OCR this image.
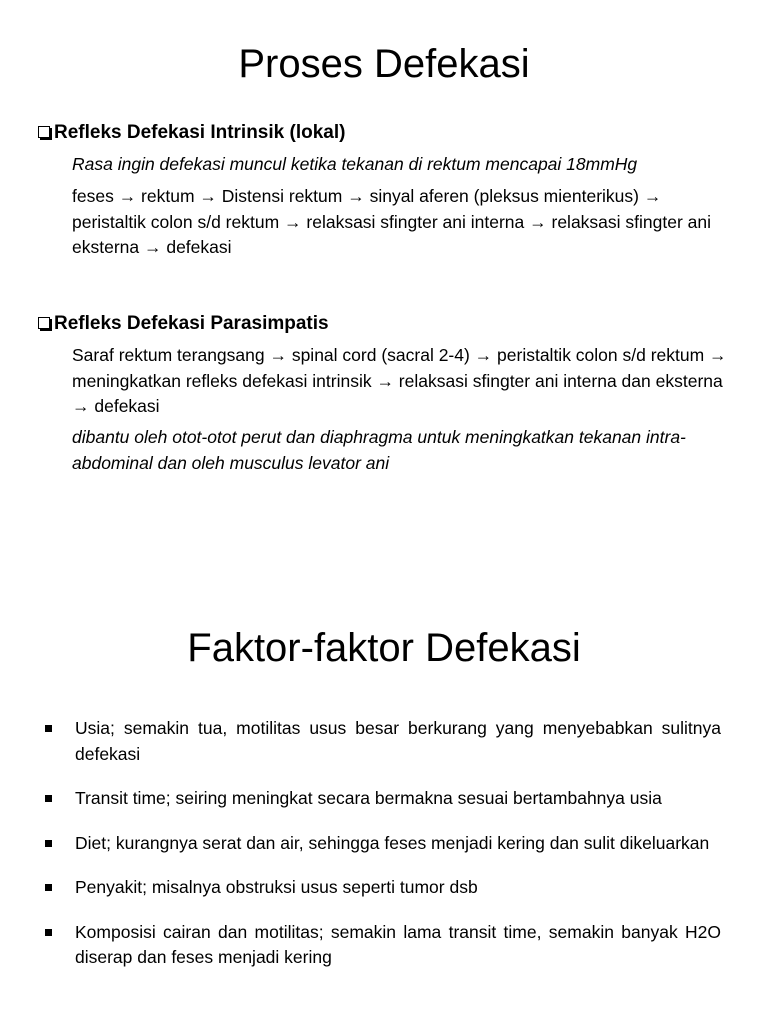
Proses Defekasi

Refleks Defekasi Intrinsik (lokal)

Rasa ingin defekasi muncul ketika tekanan di rektum mencapai 18mmHg

feses → rektum → Distensi rektum → sinyal aferen (pleksus mienterikus) → peristaltik colon s/d rektum → relaksasi sfingter ani interna → relaksasi sfingter ani eksterna → defekasi

Refleks Defekasi Parasimpatis

Saraf rektum terangsang → spinal cord (sacral 2-4) → peristaltik colon s/d rektum → meningkatkan refleks defekasi intrinsik → relaksasi sfingter ani interna dan eksterna → defekasi

dibantu oleh otot-otot perut dan diaphragma untuk meningkatkan tekanan intra-abdominal dan oleh musculus levator ani

Faktor-faktor Defekasi
Usia; semakin tua, motilitas usus besar berkurang yang menyebabkan sulitnya defekasi
Transit time; seiring meningkat secara bermakna sesuai bertambahnya usia
Diet; kurangnya serat dan air, sehingga feses menjadi kering dan sulit dikeluarkan
Penyakit; misalnya obstruksi usus seperti tumor dsb
Komposisi cairan dan motilitas; semakin lama transit time, semakin banyak H2O diserap dan feses menjadi kering
